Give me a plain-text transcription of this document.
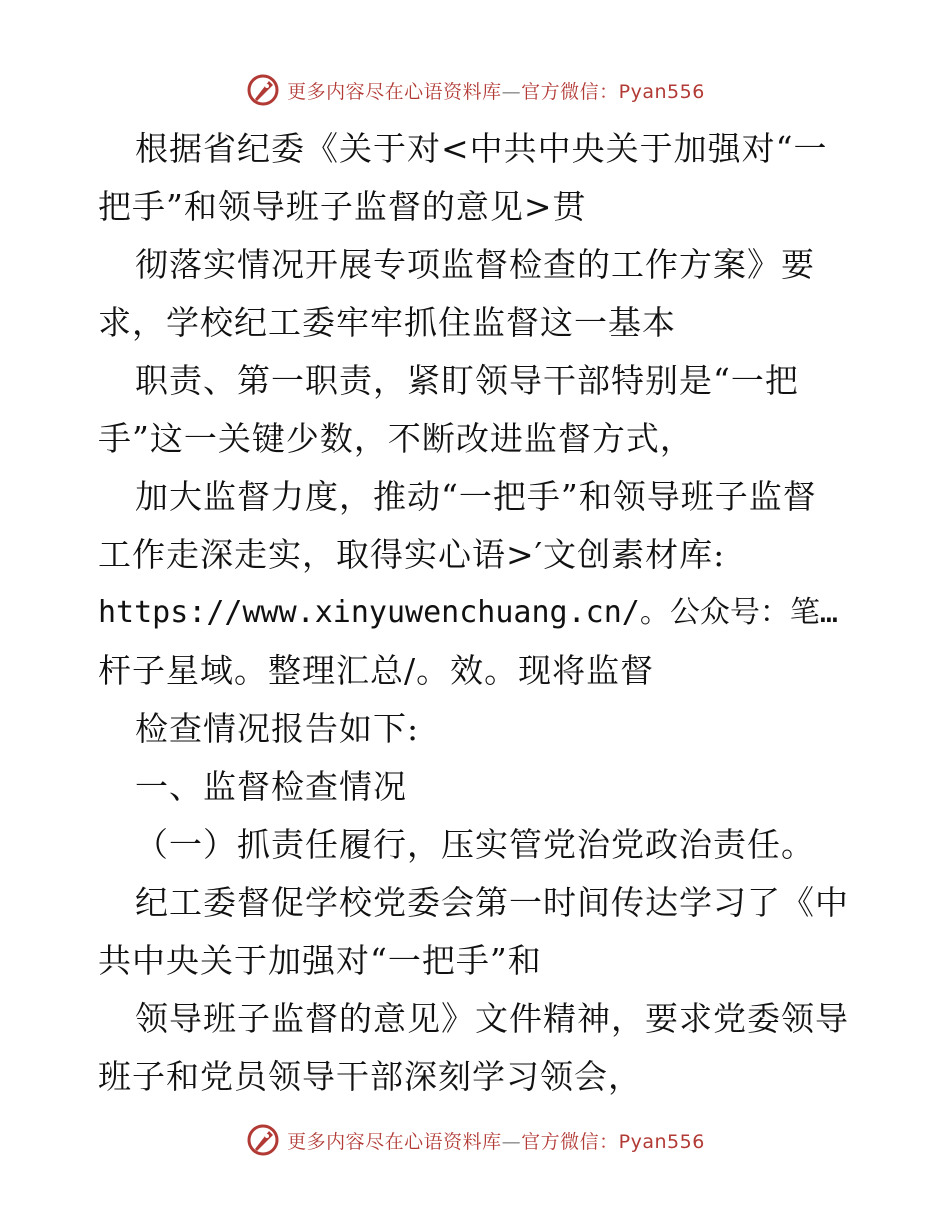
更多内容尽在心语资料库—官方微信：Pyan556
根据省纪委《关于对<中共中央关于加强对“一
把手”和领导班子监督的意见>贯
彻落实情况开展专项监督检查的工作方案》要
求，学校纪工委牢牢抓住监督这一基本
职责、第一职责，紧盯领导干部特别是“一把
手”这一关键少数，不断改进监督方式，
加大监督力度，推动“一把手”和领导班子监督
工作走深走实，取得实心语>′文创素材库:
https://www.xinyuwenchuang.cn/。公众号：笔…
杆子星域。整理汇总/。效。现将监督
检查情况报告如下:
一、监督检查情况
（一）抓责任履行，压实管党治党政治责任。
纪工委督促学校党委会第一时间传达学习了《中
共中央关于加强对“一把手”和
领导班子监督的意见》文件精神，要求党委领导
班子和党员领导干部深刻学习领会，
更多内容尽在心语资料库—官方微信：Pyan556
